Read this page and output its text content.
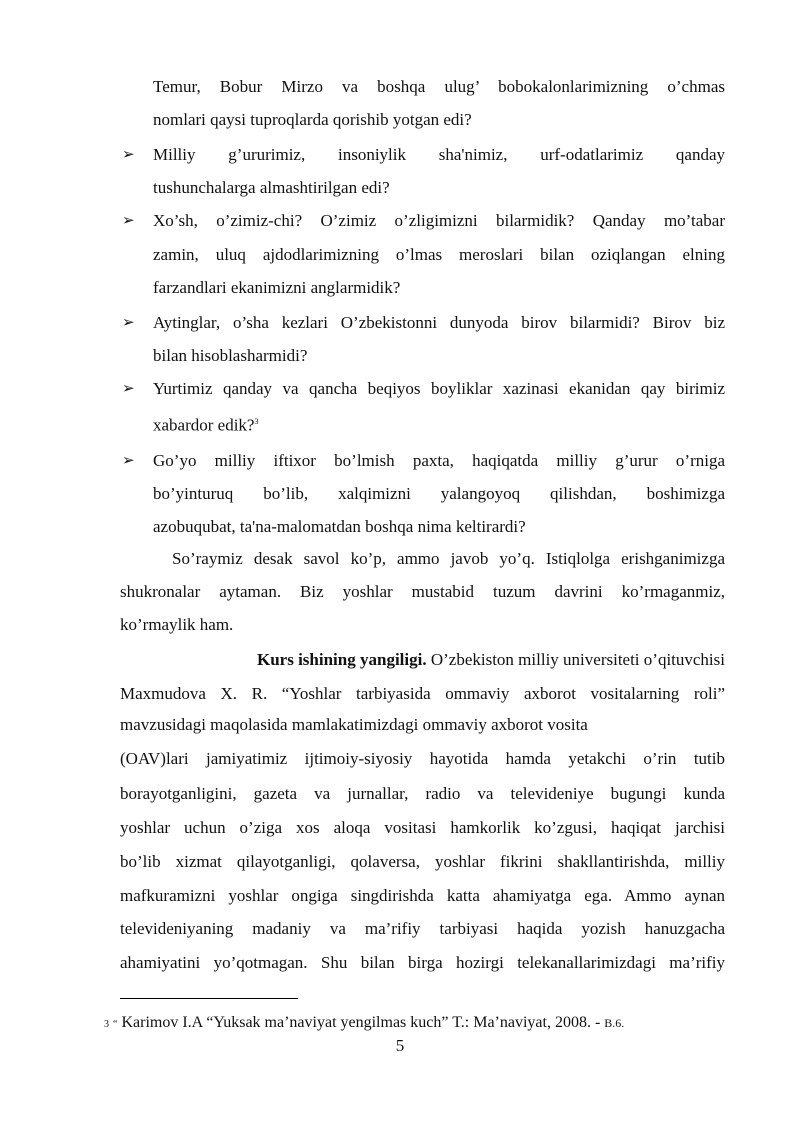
Temur, Bobur Mirzo va boshqa ulug’ bobokalonlarimizning o’chmas
nomlari qaysi tuproqlarda qorishib yotgan edi?
➢ Milliy g’ururimiz, insoniylik sha'nimiz, urf-odatlarimiz qanday
tushunchalarga almashtirilgan edi?
➢ Xo’sh, o’zimiz-chi? O’zimiz o’zligimizni bilarmidik? Qanday mo’tabar
zamin, uluq ajdodlarimizning o’lmas meroslari bilan oziqlangan elning
farzandlari ekanimizni anglarmidik?
➢ Aytinglar, o’sha kezlari O’zbekistonni dunyoda birov bilarmidi? Birov biz
bilan hisoblasharmidi?
➢ Yurtimiz qanday va qancha beqiyos boyliklar xazinasi ekanidan qay birimiz
xabardor edik?$^3$
➢ Go’yo milliy iftixor bo’lmish paxta, haqiqatda milliy g’urur o’rniga
bo’yinturuq bo’lib, xalqimizni yalangoyoq qilishdan, boshimizga
azobuqubat, ta'na-malomatdan boshqa nima keltirardi?
So’raymiz desak savol ko’p, ammo javob yo’q. Istiqlolga erishganimizga
shukronalar aytaman. Biz yoshlar mustabid tuzum davrini ko’rmaganmiz,
ko’rmaylik ham.
Kurs ishining yangiligi. O’zbekiston milliy universiteti o’qituvchisi
Maxmudova X. R. “Yoshlar tarbiyasida ommaviy axborot vositalarning roli”
mavzusidagi maqolasida mamlakatimizdagi ommaviy axborot vosita
(OAV)lari jamiyatimiz ijtimoiy-siyosiy hayotida hamda yetakchi o’rin tutib
borayotganligini, gazeta va jurnallar, radio va televideniye bugungi kunda
yoshlar uchun o’ziga xos aloqa vositasi hamkorlik ko’zgusi, haqiqat jarchisi
bo’lib xizmat qilayotganligi, qolaversa, yoshlar fikrini shakllantirishda, milliy
mafkuramizni yoshlar ongiga singdirishda katta ahamiyatga ega. Ammo aynan
televideniyaning madaniy va ma’rifiy tarbiyasi haqida yozish hanuzgacha
ahamiyatini yo’qotmagan. Shu bilan birga hozirgi telekanallarimizdagi ma’rifiy
3 “ Karimov I.A “Yuksak ma’naviyat yengilmas kuch” T.: Ma’naviyat, 2008. - B.6.
5
